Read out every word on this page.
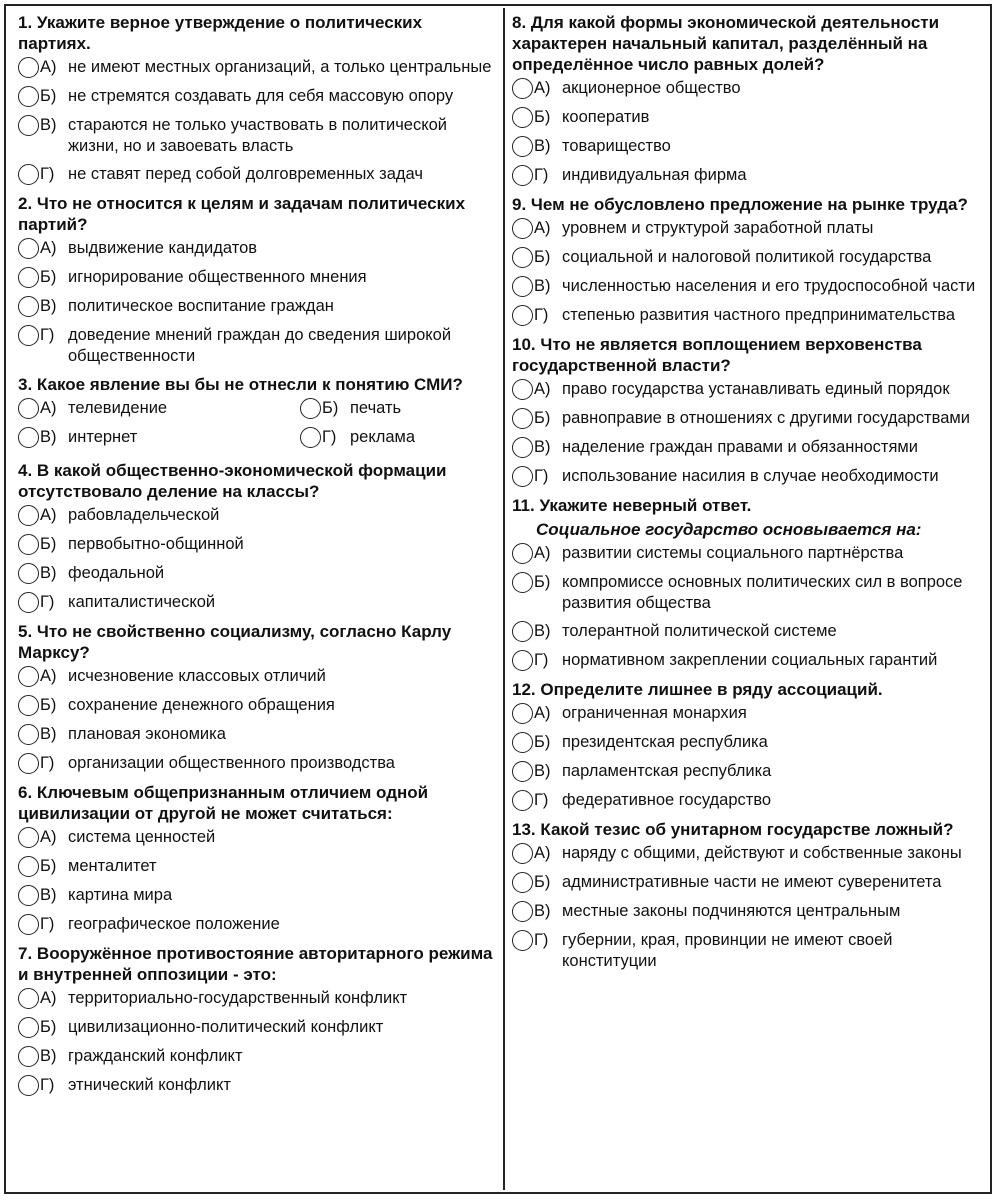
1. Укажите верное утверждение о политических партиях.
А) не имеют местных организаций, а только центральные
Б) не стремятся создавать для себя массовую опору
В) стараются не только участвовать в политической жизни, но и завоевать власть
Г) не ставят перед собой долговременных задач
2. Что не относится к целям и задачам политических партий?
А) выдвижение кандидатов
Б) игнорирование общественного мнения
В) политическое воспитание граждан
Г) доведение мнений граждан до сведения широкой общественности
3. Какое явление вы бы не отнесли к понятию СМИ?
А) телевидение	Б) печать
В) интернет	Г) реклама
4. В какой общественно-экономической формации отсутствовало деление на классы?
А) рабовладельческой
Б) первобытно-общинной
В) феодальной
Г) капиталистической
5. Что не свойственно социализму, согласно Карлу Марксу?
А) исчезновение классовых отличий
Б) сохранение денежного обращения
В) плановая экономика
Г) организации общественного производства
6. Ключевым общепризнанным отличием одной цивилизации от другой не может считаться:
А) система ценностей
Б) менталитет
В) картина мира
Г) географическое положение
7. Вооружённое противостояние авторитарного режима и внутренней оппозиции - это:
А) территориально-государственный конфликт
Б) цивилизационно-политический конфликт
В) гражданский конфликт
Г) этнический конфликт
8. Для какой формы экономической деятельности характерен начальный капитал, разделённый на определённое число равных долей?
А) акционерное общество
Б) кооператив
В) товарищество
Г) индивидуальная фирма
9. Чем не обусловлено предложение на рынке труда?
А) уровнем и структурой заработной платы
Б) социальной и налоговой политикой государства
В) численностью населения и его трудоспособной части
Г) степенью развития частного предпринимательства
10. Что не является воплощением верховенства государственной власти?
А) право государства устанавливать единый порядок
Б) равноправие в отношениях с другими государствами
В) наделение граждан правами и обязанностями
Г) использование насилия в случае необходимости
11. Укажите неверный ответ.
Социальное государство основывается на:
А) развитии системы социального партнёрства
Б) компромиссе основных политических сил в вопросе развития общества
В) толерантной политической системе
Г) нормативном закреплении социальных гарантий
12. Определите лишнее в ряду ассоциаций.
А) ограниченная монархия
Б) президентская республика
В) парламентская республика
Г) федеративное государство
13. Какой тезис об унитарном государстве ложный?
А) наряду с общими, действуют и собственные законы
Б) административные части не имеют суверенитета
В) местные законы подчиняются центральным
Г) губернии, края, провинции не имеют своей конституции
